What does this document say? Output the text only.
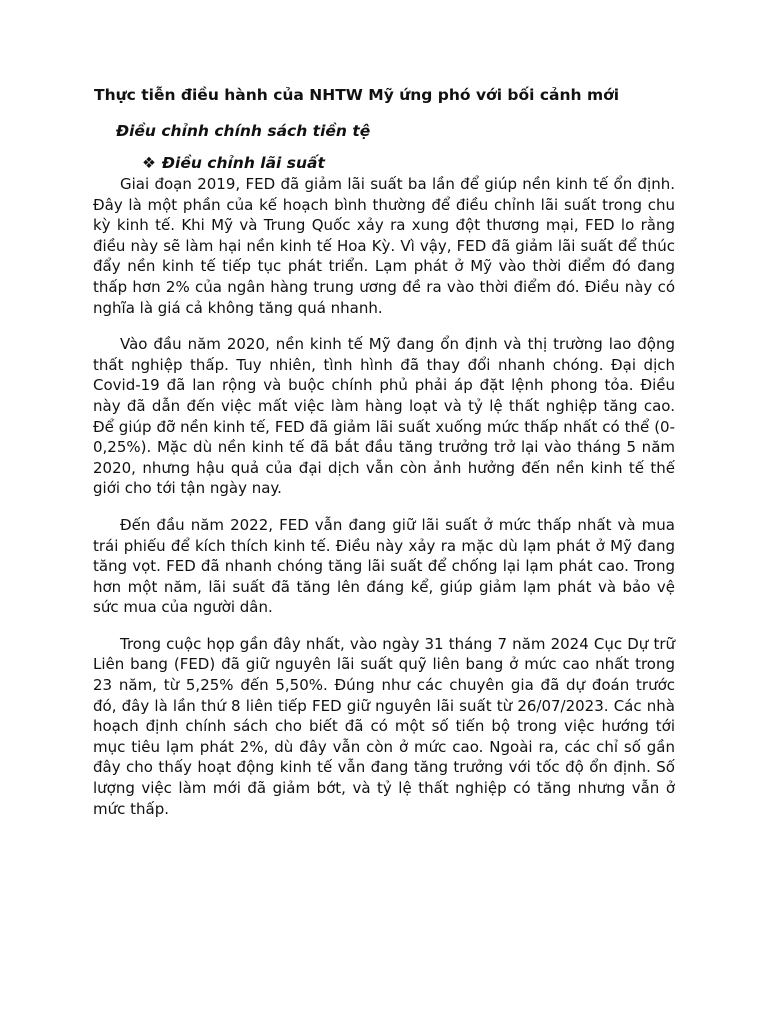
Thực tiễn điều hành của NHTW Mỹ ứng phó với bối cảnh mới
Điều chỉnh chính sách tiền tệ
❖ Điều chỉnh lãi suất

Giai đoạn 2019, FED đã giảm lãi suất ba lần để giúp nền kinh tế ổn định. Đây là một phần của kế hoạch bình thường để điều chỉnh lãi suất trong chu kỳ kinh tế. Khi Mỹ và Trung Quốc xảy ra xung đột thương mại, FED lo rằng điều này sẽ làm hại nền kinh tế Hoa Kỳ. Vì vậy, FED đã giảm lãi suất để thúc đẩy nền kinh tế tiếp tục phát triển. Lạm phát ở Mỹ vào thời điểm đó đang thấp hơn 2% của ngân hàng trung ương đề ra vào thời điểm đó. Điều này có nghĩa là giá cả không tăng quá nhanh.

Vào đầu năm 2020, nền kinh tế Mỹ đang ổn định và thị trường lao động thất nghiệp thấp. Tuy nhiên, tình hình đã thay đổi nhanh chóng. Đại dịch Covid-19 đã lan rộng và buộc chính phủ phải áp đặt lệnh phong tỏa. Điều này đã dẫn đến việc mất việc làm hàng loạt và tỷ lệ thất nghiệp tăng cao. Để giúp đỡ nền kinh tế, FED đã giảm lãi suất xuống mức thấp nhất có thể (0-0,25%). Mặc dù nền kinh tế đã bắt đầu tăng trưởng trở lại vào tháng 5 năm 2020, nhưng hậu quả của đại dịch vẫn còn ảnh hưởng đến nền kinh tế thế giới cho tới tận ngày nay.

Đến đầu năm 2022, FED vẫn đang giữ lãi suất ở mức thấp nhất và mua trái phiếu để kích thích kinh tế. Điều này xảy ra mặc dù lạm phát ở Mỹ đang tăng vọt. FED đã nhanh chóng tăng lãi suất để chống lại lạm phát cao. Trong hơn một năm, lãi suất đã tăng lên đáng kể, giúp giảm lạm phát và bảo vệ sức mua của người dân.

Trong cuộc họp gần đây nhất, vào ngày 31 tháng 7 năm 2024 Cục Dự trữ Liên bang (FED) đã giữ nguyên lãi suất quỹ liên bang ở mức cao nhất trong 23 năm, từ 5,25% đến 5,50%. Đúng như các chuyên gia đã dự đoán trước đó, đây là lần thứ 8 liên tiếp FED giữ nguyên lãi suất từ 26/07/2023. Các nhà hoạch định chính sách cho biết đã có một số tiến bộ trong việc hướng tới mục tiêu lạm phát 2%, dù đây vẫn còn ở mức cao. Ngoài ra, các chỉ số gần đây cho thấy hoạt động kinh tế vẫn đang tăng trưởng với tốc độ ổn định. Số lượng việc làm mới đã giảm bớt, và tỷ lệ thất nghiệp có tăng nhưng vẫn ở mức thấp.
